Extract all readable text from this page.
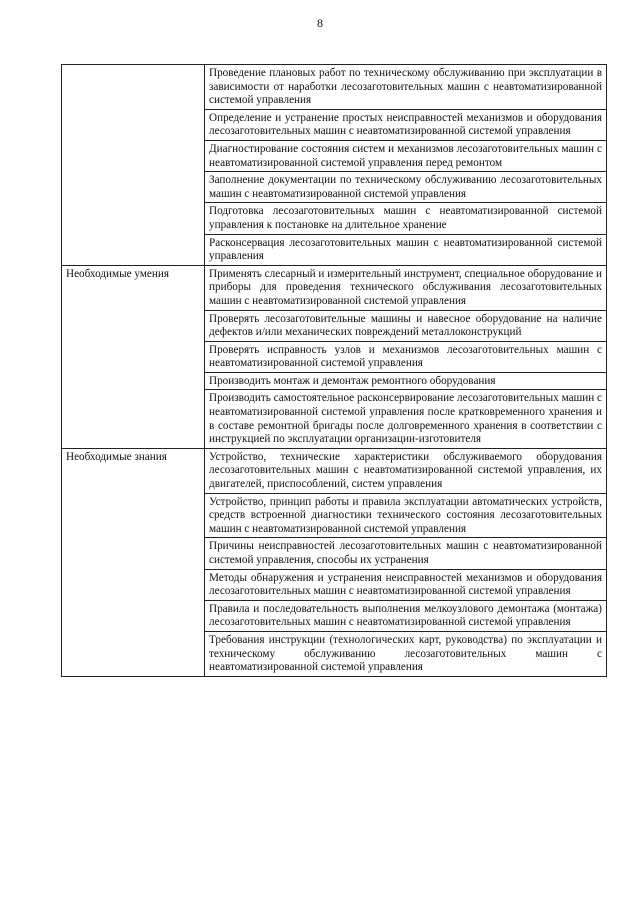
8
	Проведение плановых работ по техническому обслуживанию при эксплуатации в зависимости от наработки лесозаготовительных машин с неавтоматизированной системой управления
	Определение и устранение простых неисправностей механизмов и оборудования лесозаготовительных машин с неавтоматизированной системой управления
	Диагностирование состояния систем и механизмов лесозаготовительных машин с неавтоматизированной системой управления перед ремонтом
	Заполнение документации по техническому обслуживанию лесозаготовительных машин с неавтоматизированной системой управления
	Подготовка лесозаготовительных машин с неавтоматизированной системой управления к постановке на длительное хранение
	Расконсервация лесозаготовительных машин с неавтоматизированной системой управления

Необходимые умения	Применять слесарный и измерительный инструмент, специальное оборудование и приборы для проведения технического обслуживания лесозаготовительных машин с неавтоматизированной системой управления
	Проверять лесозаготовительные машины и навесное оборудование на наличие дефектов и/или механических повреждений металлоконструкций
	Проверять исправность узлов и механизмов лесозаготовительных машин с неавтоматизированной системой управления
	Производить монтаж и демонтаж ремонтного оборудования
	Производить самостоятельное расконсервирование лесозаготовительных машин с неавтоматизированной системой управления после кратковременного хранения и в составе ремонтной бригады после долговременного хранения в соответствии с инструкцией по эксплуатации организации-изготовителя

Необходимые знания	Устройство, технические характеристики обслуживаемого оборудования лесозаготовительных машин с неавтоматизированной системой управления, их двигателей, приспособлений, систем управления
	Устройство, принцип работы и правила эксплуатации автоматических устройств, средств встроенной диагностики технического состояния лесозаготовительных машин с неавтоматизированной системой управления
	Причины неисправностей лесозаготовительных машин с неавтоматизированной системой управления, способы их устранения
	Методы обнаружения и устранения неисправностей механизмов и оборудования лесозаготовительных машин с неавтоматизированной системой управления
	Правила и последовательность выполнения мелкоузлового демонтажа (монтажа) лесозаготовительных машин с неавтоматизированной системой управления
	Требования инструкции (технологических карт, руководства) по эксплуатации и техническому обслуживанию лесозаготовительных машин с неавтоматизированной системой управления
